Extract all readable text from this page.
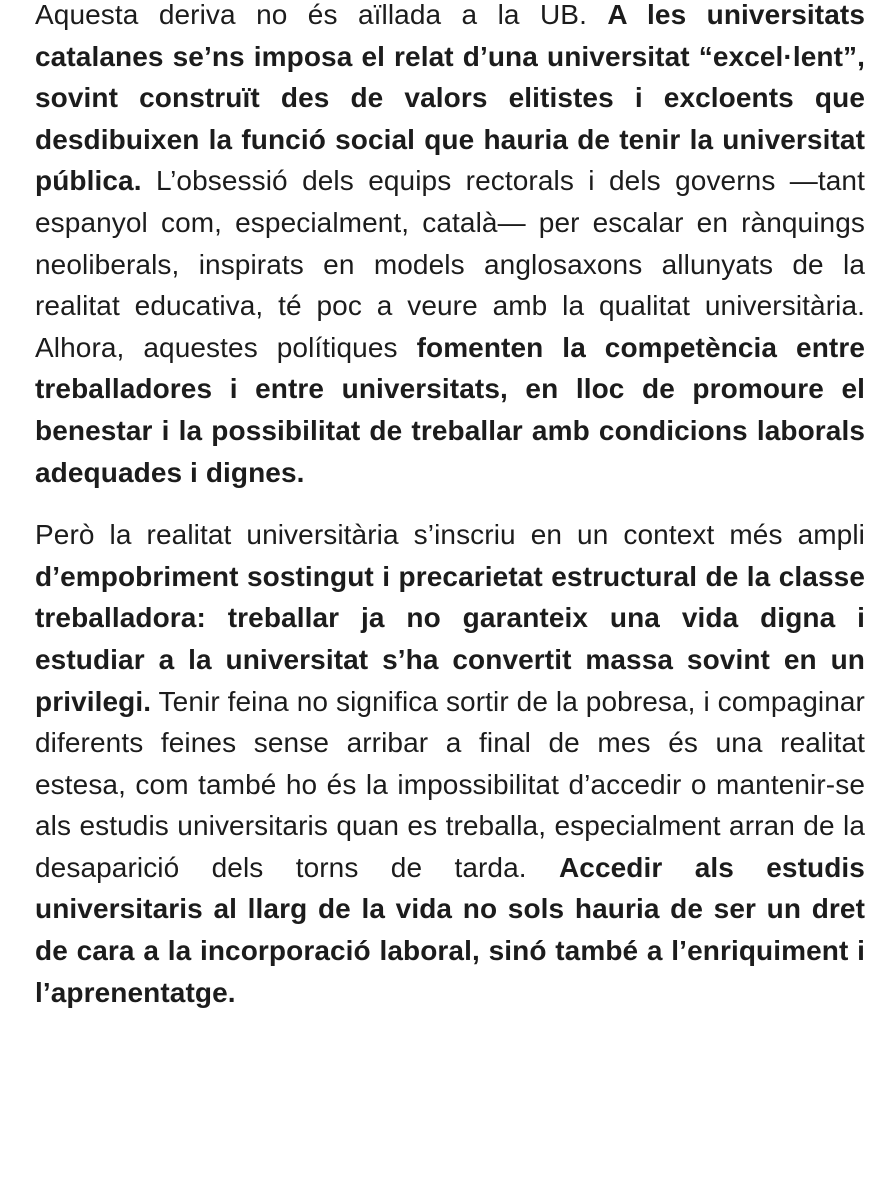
Aquesta deriva no és aïllada a la UB. A les universitats catalanes se’ns imposa el relat d’una universitat “excel·lent”, sovint construït des de valors elitistes i excloents que desdibuixen la funció social que hauria de tenir la universitat pública. L’obsessió dels equips rectorals i dels governs —tant espanyol com, especialment, català— per escalar en rànquings neoliberals, inspirats en models anglosaxons allunyats de la realitat educativa, té poc a veure amb la qualitat universitària. Alhora, aquestes polítiques fomenten la competència entre treballadores i entre universitats, en lloc de promoure el benestar i la possibilitat de treballar amb condicions laborals adequades i dignes.

Però la realitat universitària s’inscriu en un context més ampli d’empobriment sostingut i precarietat estructural de la classe treballadora: treballar ja no garanteix una vida digna i estudiar a la universitat s’ha convertit massa sovint en un privilegi. Tenir feina no significa sortir de la pobresa, i compaginar diferents feines sense arribar a final de mes és una realitat estesa, com també ho és la impossibilitat d’accedir o mantenir-se als estudis universitaris quan es treballa, especialment arran de la desaparició dels torns de tarda. Accedir als estudis universitaris al llarg de la vida no sols hauria de ser un dret de cara a la incorporació laboral, sinó també a l’enriquiment i l’aprenentatge.
